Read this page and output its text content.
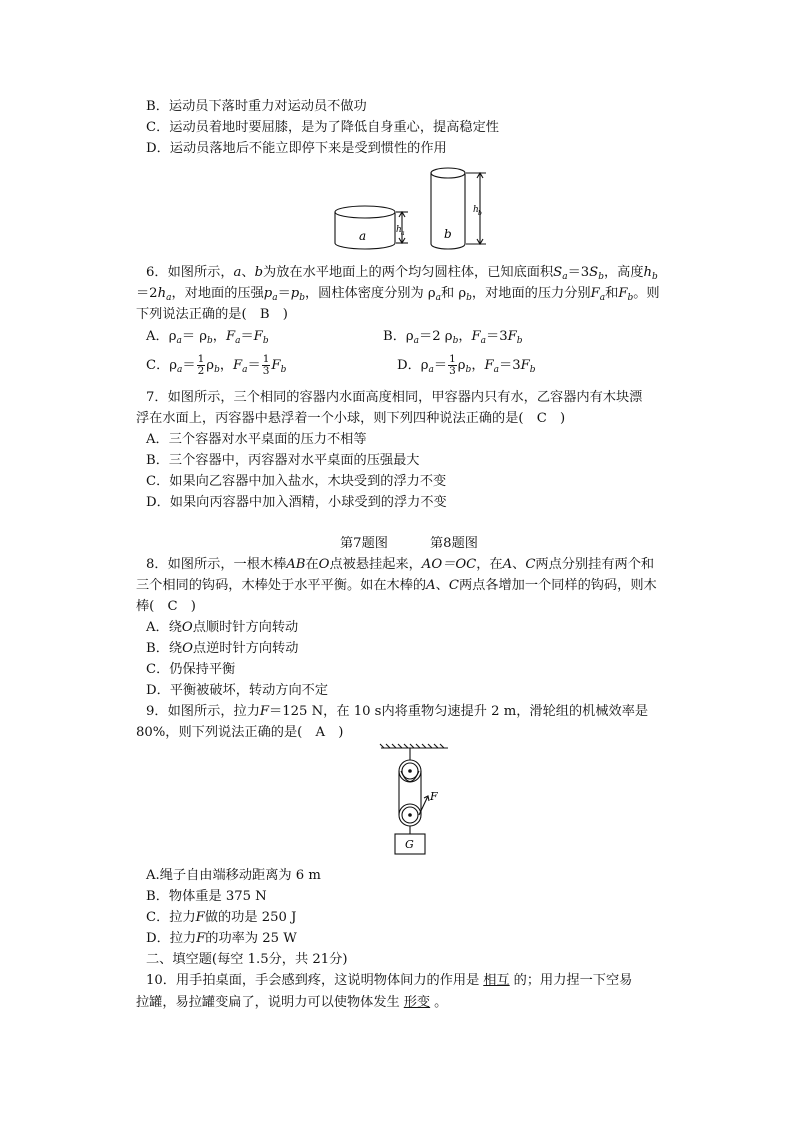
B．运动员下落时重力对运动员不做功
C．运动员着地时要屈膝，是为了降低自身重心，提高稳定性
D．运动员落地后不能立即停下来是受到惯性的作用
a	b
h a
h b
6．如图所示，a、b为放在水平地面上的两个均匀圆柱体，已知底面积$S_a=3S_b$，高度$h_b$
$=2h_a$，对地面的压强$p_a=p_b$，圆柱体密度分别为 $\rho_a$和 $\rho_b$，对地面的压力分别$F_a$和$F_b$。则
下列说法正确的是(　B　)
A．$\rho_a= \rho_b$，$F_a=F_b$	B．$\rho_a=2$ $\rho_b$，$F_a=3F_b$
C．$\rho_a= \frac{1}{2} \rho_b$，$F_a= \frac{1}{3} F_b$	D．$\rho_a= \frac{1}{3} \rho_b$，$F_a=3F_b$
7．如图所示，三个相同的容器内水面高度相同，甲容器内只有水，乙容器内有木块漂
浮在水面上，丙容器中悬浮着一个小球，则下列四种说法正确的是(　C　)
A．三个容器对水平桌面的压力不相等
B．三个容器中，丙容器对水平桌面的压强最大
C．如果向乙容器中加入盐水，木块受到的浮力不变
D．如果向丙容器中加入酒精，小球受到的浮力不变
第7题图	第8题图
8．如图所示，一根木棒AB在O点被悬挂起来，AO＝OC，在A、C两点分别挂有两个和
三个相同的钩码，木棒处于水平平衡。如在木棒的A、C两点各增加一个同样的钩码，则木
棒(　C　)
A．绕O点顺时针方向转动
B．绕O点逆时针方向转动
C．仍保持平衡
D．平衡被破坏，转动方向不定
9．如图所示，拉力F＝125 N，在 10 s内将重物匀速提升 2 m，滑轮组的机械效率是
80%，则下列说法正确的是(　A　)
F
G
A.绳子自由端移动距离为 6 m
B．物体重是 375 N
C．拉力F做的功是 250 J
D．拉力F的功率为 25 W
二、填空题(每空 1.5分，共 21分)
10．用手拍桌面，手会感到疼，这说明物体间力的作用是 相互 的；用力捏一下空易
拉罐，易拉罐变扁了，说明力可以使物体发生 形变 。
